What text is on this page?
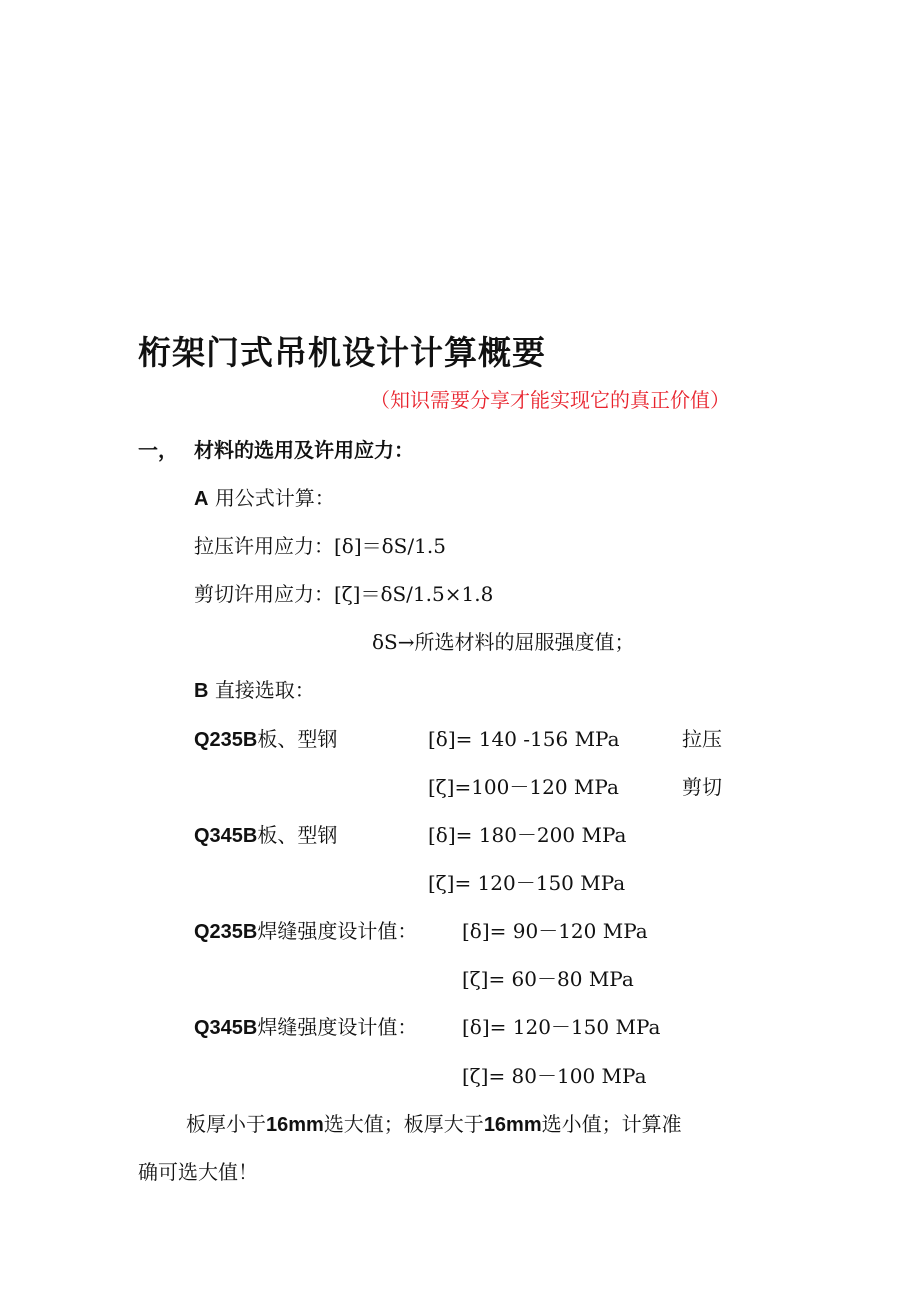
桁架门式吊机设计计算概要
（知识需要分享才能实现它的真正价值）
一， 材料的选用及许用应力：
A 用公式计算：
拉压许用应力：[δ]＝δS/1.5
剪切许用应力：[ζ]＝δS/1.5×1.8
δS→所选材料的屈服强度值；
B 直接选取：
Q235B板、型钢	[δ]= 140 -156 MPa	拉压
[ζ]=100－120 MPa	剪切
Q345B板、型钢	[δ]= 180－200 MPa
[ζ]= 120－150 MPa
Q235B焊缝强度设计值： [δ]= 90－120 MPa
[ζ]= 60－80 MPa
Q345B焊缝强度设计值： [δ]= 120－150 MPa
[ζ]= 80－100 MPa
板厚小于16mm选大值；板厚大于16mm选小值；计算准
确可选大值！
